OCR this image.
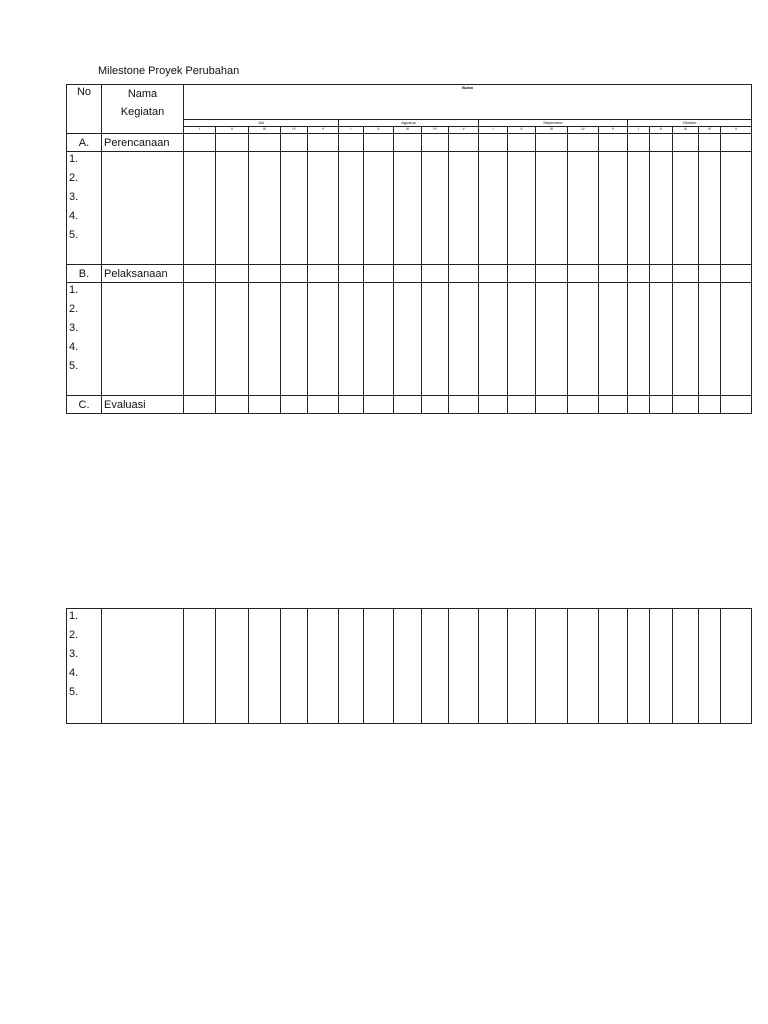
Milestone Proyek Perubahan
No	Nama
Kegiatan	Bulan																			
		Juli					Agustus					September					Oktober				
		I	II	III	IV	V	I	II	III	IV	V	I	II	III	IV	V	I	II	III	IV	V
A.	Perencanaan																				

1.
2.
3.
4.
5.																					

B.	Pelaksanaan																				

1.
2.
3.
4.
5.																					

C.	Evaluasi																				
1.
2.
3.
4.
5.
